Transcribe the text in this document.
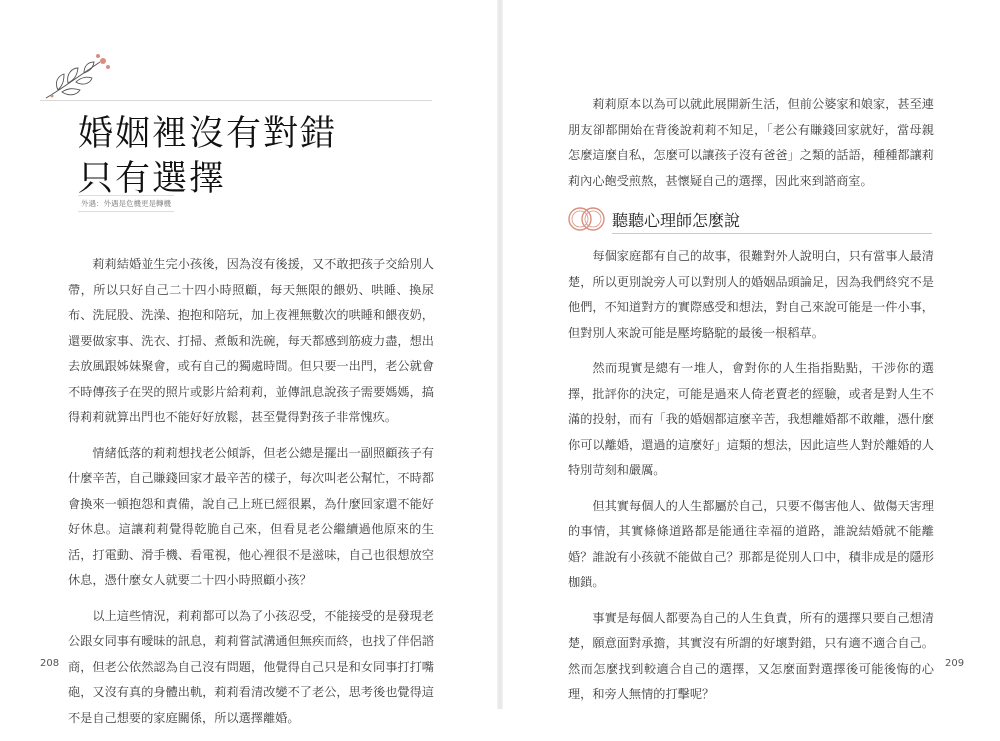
婚姻裡沒有對錯
只有選擇
外遇：外遇是危機更是轉機

莉莉結婚並生完小孩後，因為沒有後援，又不敢把孩子交給別人帶，所以只好自己二十四小時照顧，每天無限的餵奶、哄睡、換尿布、洗屁股、洗澡、抱抱和陪玩，加上夜裡無數次的哄睡和餵夜奶，還要做家事、洗衣、打掃、煮飯和洗碗，每天都感到筋疲力盡，想出去放風跟姊妹聚會，或有自己的獨處時間。但只要一出門，老公就會不時傳孩子在哭的照片或影片給莉莉，並傳訊息說孩子需要媽媽，搞得莉莉就算出門也不能好好放鬆，甚至覺得對孩子非常愧疚。

情緒低落的莉莉想找老公傾訴，但老公總是擺出一副照顧孩子有什麼辛苦，自己賺錢回家才最辛苦的樣子，每次叫老公幫忙，不時都會換來一頓抱怨和責備，說自己上班已經很累，為什麼回家還不能好好休息。這讓莉莉覺得乾脆自己來，但看見老公繼續過他原來的生活，打電動、滑手機、看電視，他心裡很不是滋味，自己也很想放空休息，憑什麼女人就要二十四小時照顧小孩？

以上這些情況，莉莉都可以為了小孩忍受，不能接受的是發現老公跟女同事有曖昧的訊息，莉莉嘗試溝通但無疾而終，也找了伴侶諮商，但老公依然認為自己沒有問題，他覺得自己只是和女同事打打嘴砲，又沒有真的身體出軌，莉莉看清改變不了老公，思考後也覺得這不是自己想要的家庭關係，所以選擇離婚。

208

莉莉原本以為可以就此展開新生活，但前公婆家和娘家，甚至連朋友卻都開始在背後說莉莉不知足，「老公有賺錢回家就好，當母親怎麼這麼自私，怎麼可以讓孩子沒有爸爸」之類的話語，種種都讓莉莉內心飽受煎熬，甚懷疑自己的選擇，因此來到諮商室。

聽聽心理師怎麼說

每個家庭都有自己的故事，很難對外人說明白，只有當事人最清楚，所以更別說旁人可以對別人的婚姻品頭論足，因為我們終究不是他們，不知道對方的實際感受和想法，對自己來說可能是一件小事，但對別人來說可能是壓垮駱駝的最後一根稻草。

然而現實是總有一堆人，會對你的人生指指點點，干涉你的選擇，批評你的決定，可能是過來人倚老賣老的經驗，或者是對人生不滿的投射，而有「我的婚姻都這麼辛苦，我想離婚都不敢離，憑什麼你可以離婚，還過的這麼好」這類的想法，因此這些人對於離婚的人特別苛刻和嚴厲。

但其實每個人的人生都屬於自己，只要不傷害他人、做傷天害理的事情，其實條條道路都是能通往幸福的道路，誰說結婚就不能離婚？誰說有小孩就不能做自己？那都是從別人口中，積非成是的隱形枷鎖。

事實是每個人都要為自己的人生負責，所有的選擇只要自己想清楚，願意面對承擔，其實沒有所謂的好壞對錯，只有適不適合自己。然而怎麼找到較適合自己的選擇，又怎麼面對選擇後可能後悔的心理，和旁人無情的打擊呢？

209
